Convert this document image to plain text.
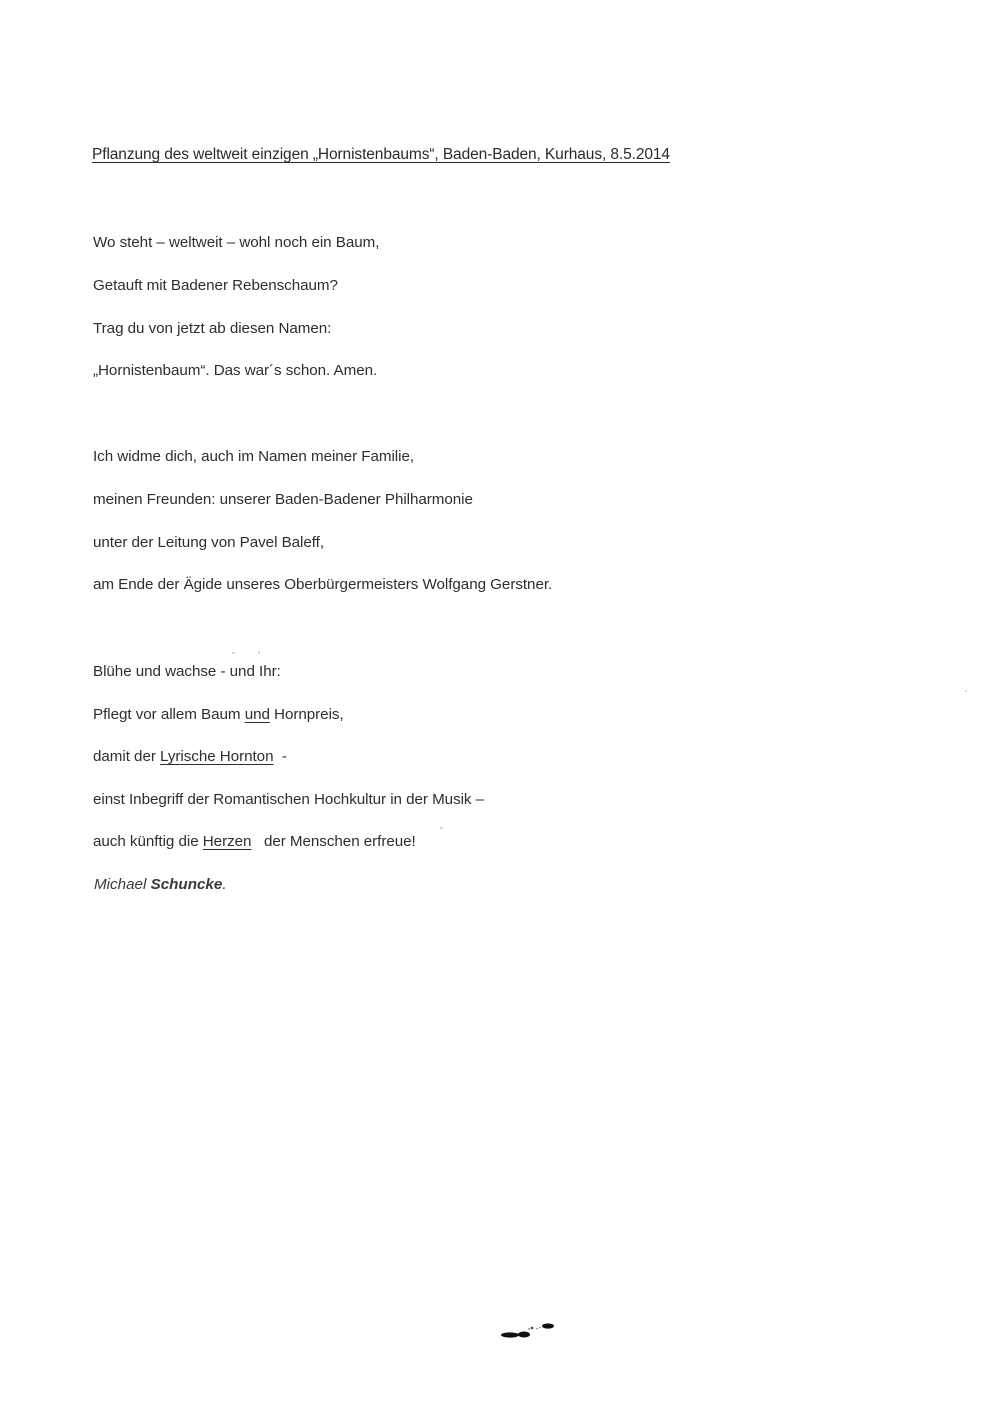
Pflanzung des weltweit einzigen „Hornistenbaums“, Baden-Baden, Kurhaus, 8.5.2014
Wo steht – weltweit – wohl noch ein Baum,
Getauft mit Badener Rebenschaum?
Trag du von jetzt ab diesen Namen:
„Hornistenbaum“. Das war´s schon. Amen.
Ich widme dich, auch im Namen meiner Familie,
meinen Freunden: unserer Baden-Badener Philharmonie
unter der Leitung von Pavel Baleff,
am Ende der Ägide unseres Oberbürgermeisters Wolfgang Gerstner.
Blühe und wachse - und Ihr:
Pflegt vor allem Baum und Hornpreis,
damit der Lyrische Hornton  -
einst Inbegriff der Romantischen Hochkultur in der Musik –
auch künftig die Herzen   der Menschen erfreue!
Michael Schuncke.
